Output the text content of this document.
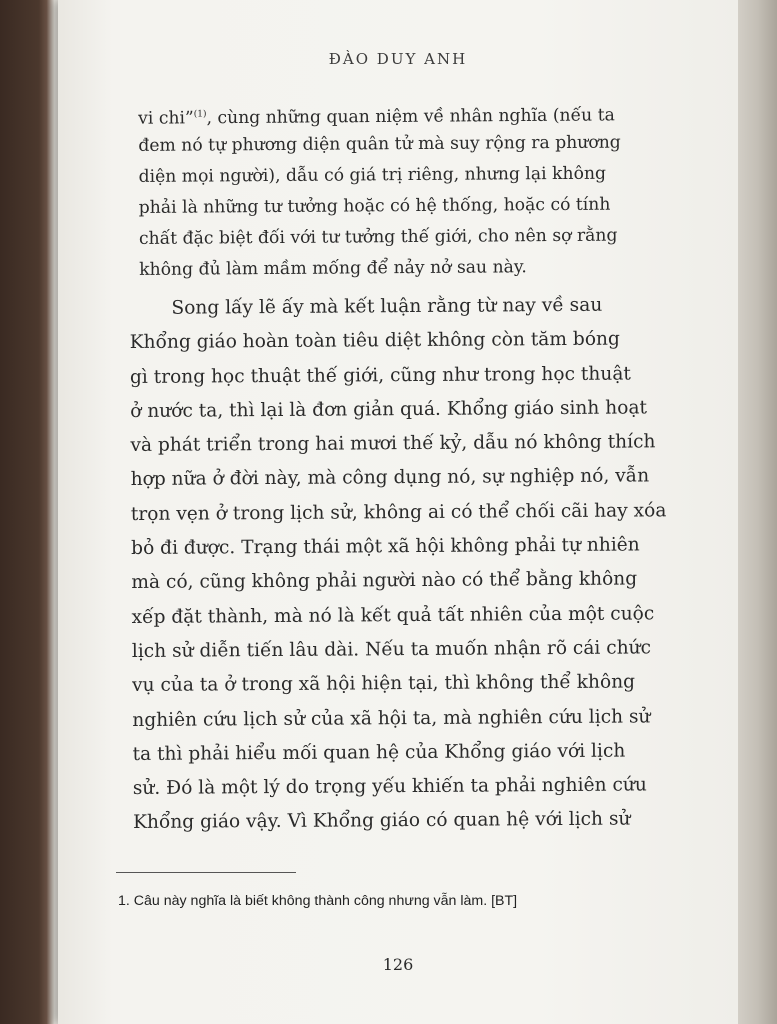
ĐÀO DUY ANH
vi chi”$^{(1)}$, cùng những quan niệm về nhân nghĩa (nếu ta
đem nó tự phương diện quân tử mà suy rộng ra phương
diện mọi người), dẫu có giá trị riêng, nhưng lại không
phải là những tư tưởng hoặc có hệ thống, hoặc có tính
chất đặc biệt đối với tư tưởng thế giới, cho nên sợ rằng
không đủ làm mầm mống để nảy nở sau này.
Song lấy lẽ ấy mà kết luận rằng từ nay về sau
Khổng giáo hoàn toàn tiêu diệt không còn tăm bóng
gì trong học thuật thế giới, cũng như trong học thuật
ở nước ta, thì lại là đơn giản quá. Khổng giáo sinh hoạt
và phát triển trong hai mươi thế kỷ, dẫu nó không thích
hợp nữa ở đời này, mà công dụng nó, sự nghiệp nó, vẫn
trọn vẹn ở trong lịch sử, không ai có thể chối cãi hay xóa
bỏ đi được. Trạng thái một xã hội không phải tự nhiên
mà có, cũng không phải người nào có thể bằng không
xếp đặt thành, mà nó là kết quả tất nhiên của một cuộc
lịch sử diễn tiến lâu dài. Nếu ta muốn nhận rõ cái chức
vụ của ta ở trong xã hội hiện tại, thì không thể không
nghiên cứu lịch sử của xã hội ta, mà nghiên cứu lịch sử
ta thì phải hiểu mối quan hệ của Khổng giáo với lịch
sử. Đó là một lý do trọng yếu khiến ta phải nghiên cứu
Khổng giáo vậy. Vì Khổng giáo có quan hệ với lịch sử
1. Câu này nghĩa là biết không thành công nhưng vẫn làm. [BT]
126
